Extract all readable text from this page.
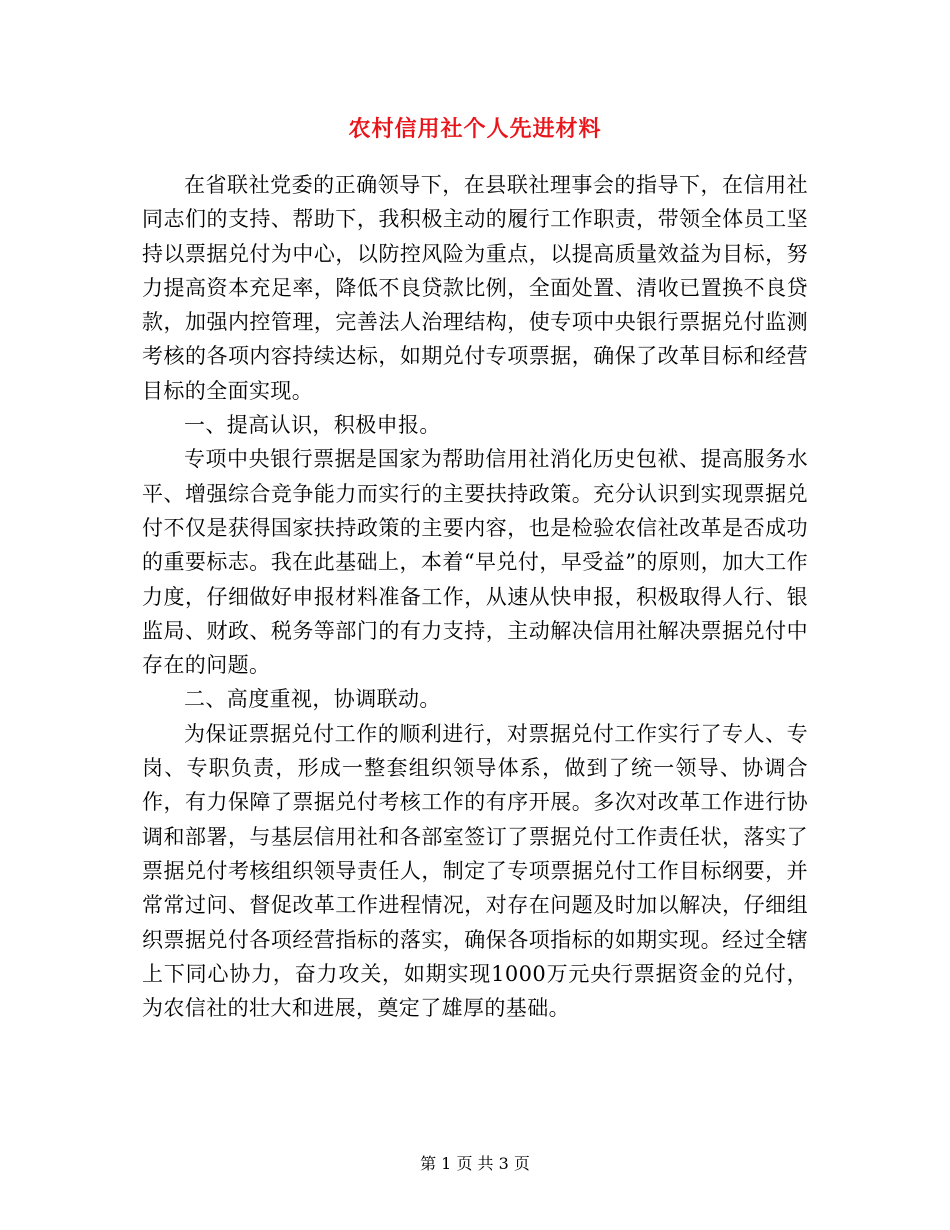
农村信用社个人先进材料

在省联社党委的正确领导下，在县联社理事会的指导下，在信用社同志们的支持、帮助下，我积极主动的履行工作职责，带领全体员工坚持以票据兑付为中心，以防控风险为重点，以提高质量效益为目标，努力提高资本充足率，降低不良贷款比例，全面处置、清收已置换不良贷款，加强内控管理，完善法人治理结构，使专项中央银行票据兑付监测考核的各项内容持续达标，如期兑付专项票据，确保了改革目标和经营目标的全面实现。

一、提高认识，积极申报。

专项中央银行票据是国家为帮助信用社消化历史包袱、提高服务水平、增强综合竞争能力而实行的主要扶持政策。充分认识到实现票据兑付不仅是获得国家扶持政策的主要内容，也是检验农信社改革是否成功的重要标志。我在此基础上，本着“早兑付，早受益”的原则，加大工作力度，仔细做好申报材料准备工作，从速从快申报，积极取得人行、银监局、财政、税务等部门的有力支持，主动解决信用社解决票据兑付中存在的问题。

二、高度重视，协调联动。

为保证票据兑付工作的顺利进行，对票据兑付工作实行了专人、专岗、专职负责，形成一整套组织领导体系，做到了统一领导、协调合作，有力保障了票据兑付考核工作的有序开展。多次对改革工作进行协调和部署，与基层信用社和各部室签订了票据兑付工作责任状，落实了票据兑付考核组织领导责任人，制定了专项票据兑付工作目标纲要，并常常过问、督促改革工作进程情况，对存在问题及时加以解决，仔细组织票据兑付各项经营指标的落实，确保各项指标的如期实现。经过全辖上下同心协力，奋力攻关，如期实现1000万元央行票据资金的兑付，为农信社的壮大和进展，奠定了雄厚的基础。

第 1 页 共 3 页
